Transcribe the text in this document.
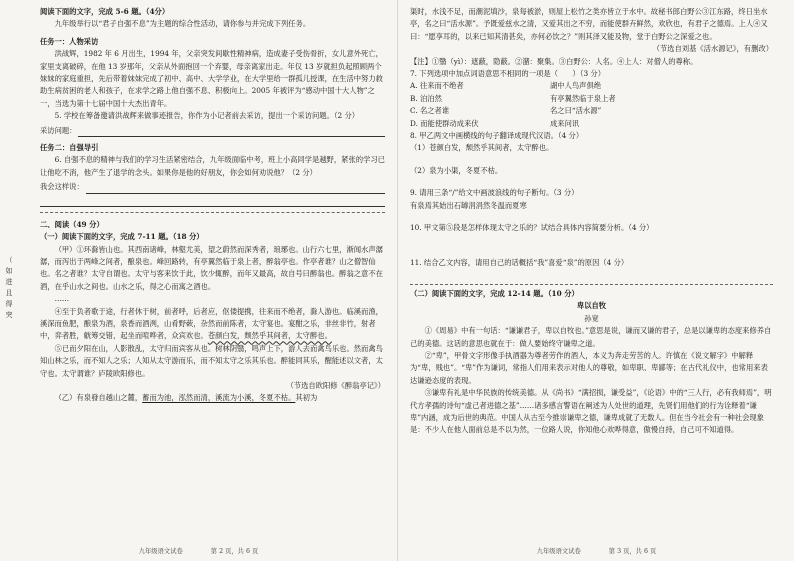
（
如
进
且
得
突

阅读下面的文字，完成 5-6 题。（4分）

九年级举行以“君子自强不息”为主题的综合性活动，请你参与并完成下列任务。

任务一：人物采访

洪战辉，1982 年 6 月出生，1994 年，父亲突发间歇性精神病，造成妻子受伤骨折，女儿意外死亡，家里支离破碎，在他 13 岁那年，父亲从外面抱回一个弃婴，母亲离家出走。年仅 13 岁就担负起照顾两个妹妹的家庭重担，先后带着妹妹完成了初中、高中、大学学业，在大学里给一群孤儿授课，在生活中努力救助生病贫困的老人和孩子，在求学之路上他自强不息、积极向上。2005 年被评为“感动中国十大人物”之一，当选为第十七届中国十大杰出青年。

5. 学校在筹备邀请洪战辉来做事迹报告，你作为小记者前去采访，提出一个采访问题。（2 分）

采访问题：

任务二：自强导引

6. 自强不息的精神与我们的学习生活紧密结合，九年级面临中考，班上小高同学是越野，紧张的学习已让他吃不消，他产生了退学的念头。如果你是他的好朋友，你会如何劝说他？（2 分）

我会这样说：

二、阅读（49 分）

（一）阅读下面的文字，完成 7-11 题。（18 分）

（甲）①环滁皆山也。其西南诸峰，林壑尤美，望之蔚然而深秀者，琅琊也。山行六七里，渐闻水声潺潺，而泻出于两峰之间者，酿泉也。峰回路转，有亭翼然临于泉上者，醉翁亭也。作亭者谁？山之僧智仙也。名之者谁？太守自谓也。太守与客来饮于此，饮少辄醉，而年又最高，故自号曰醉翁也。醉翁之意不在酒，在乎山水之间也。山水之乐，得之心而寓之酒也。

……

④至于负者歌于途，行者休于树，前者呼，后者应，伛偻提携，往来而不绝者，滁人游也。临溪而渔，溪深而鱼肥，酿泉为酒，泉香而酒洌，山肴野蔌，杂然而前陈者，太守宴也。宴酣之乐，非丝非竹，射者中，弈者胜，觥筹交错，起坐而喧哗者，众宾欢也。苍颜白发，颓然乎其间者，太守醉也。

⑤已而夕阳在山，人影散乱，太守归而宾客从也。树林阴翳，鸣声上下，游人去而禽鸟乐也。然而禽鸟知山林之乐，而不知人之乐；人知从太守游而乐，而不知太守之乐其乐也。醉能同其乐，醒能述以文者，太守也。太守谓谁？庐陵欧阳修也。

（节选自欧阳修《醉翁亭记》）

（乙）有泉發自越山之麓，蓄而为池，泓然而清，溪流为小溪，冬夏不枯。其初为

九年级语文试卷	第 2 页，共 6 页

渠时，水浅不足，而潮泥填沙，泉每被淤，则屋上松竹之类亦皆立于水中。故秘书郎白野公③江东路，终日坐水亭，名之曰“活水源”。予既爱兹水之清，又爱其出之不穷，而能使群卉鲜然，欢欣也，有君子之德焉。上人④又曰：“愿享耳的，以来已知其清甚矣，亦何必饮之？”则其泽又能及物，堂于白野公之深爱之也。

（节选自刘基《活水源记》，有删改）

【注】①翳（yì）：遮蔽，隐蔽。②潴：聚集。③白野公：人名。④上人：对僧人的尊称。

7. 下列选项中加点词语意思不相同的一项是（　　）（3 分）

A. 往来而不绝者	湖中人鸟声俱绝
B. 泊泊然	有亭翼然临于泉上者
C. 名之者谁	名之曰“活水源”
D. 而能使群动成来伏	成来问讯

8. 甲乙两文中画横线的句子翻译成现代汉语。（4 分）

（1）苍颜白发，颓然乎其间者，太守醉也。

（2）泉为小渠，冬夏不枯。

9. 请用三条“/”给文中画波浪线的句子断句。（3 分）

有泉焉其始出石罅涓涓然冬温而夏寒

10. 甲文第⑤段是怎样体现太守之乐的？试结合具体内容简要分析。（4 分）

11. 结合乙文内容，请用自己的话概括“我”喜爱“泉”的原因（4 分）

（二）阅读下面的文字，完成 12-14 题。（10 分）

卑以自牧

孙宽

①《周易》中有一句话：“谦谦君子，卑以自牧也。”意思是说，谦而又谦的君子，总是以谦卑的态度来修养自己的美德。这话的意思也就在于：做人要始终守谦卑之道。

②“卑”，甲骨文字形像手执酒器为尊者劳作的酒人，本义为奔走劳苦的人。许慎在《说文解字》中解释为“卑，贱也”。“卑”作为谦词，常指人们用来表示对他人的尊敬，如卑职、卑鄙等；在古代礼仪中，也常用来表达谦逊态度的表现。

③谦卑有礼是中华民族的传统美德。从《尚书》“满招损，谦受益”，《论语》中的“三人行，必有我师焉”，明代方孝孺的诗句“虚己者进德之基”……诸多感言警语在阐述为人处世的道理，先贤们用他们的行为诠释着“谦卑”内涵，成为后世的典范。中国人从古至今推崇谦卑之德，谦卑成就了无数人。但在当今社会有一种社会现象是：不少人在他人面前总是不以为然，一位路人说，你知他心欢哗得意，傲慢自持，自己可不知道得。

九年级语文试卷	第 3 页，共 6 页
